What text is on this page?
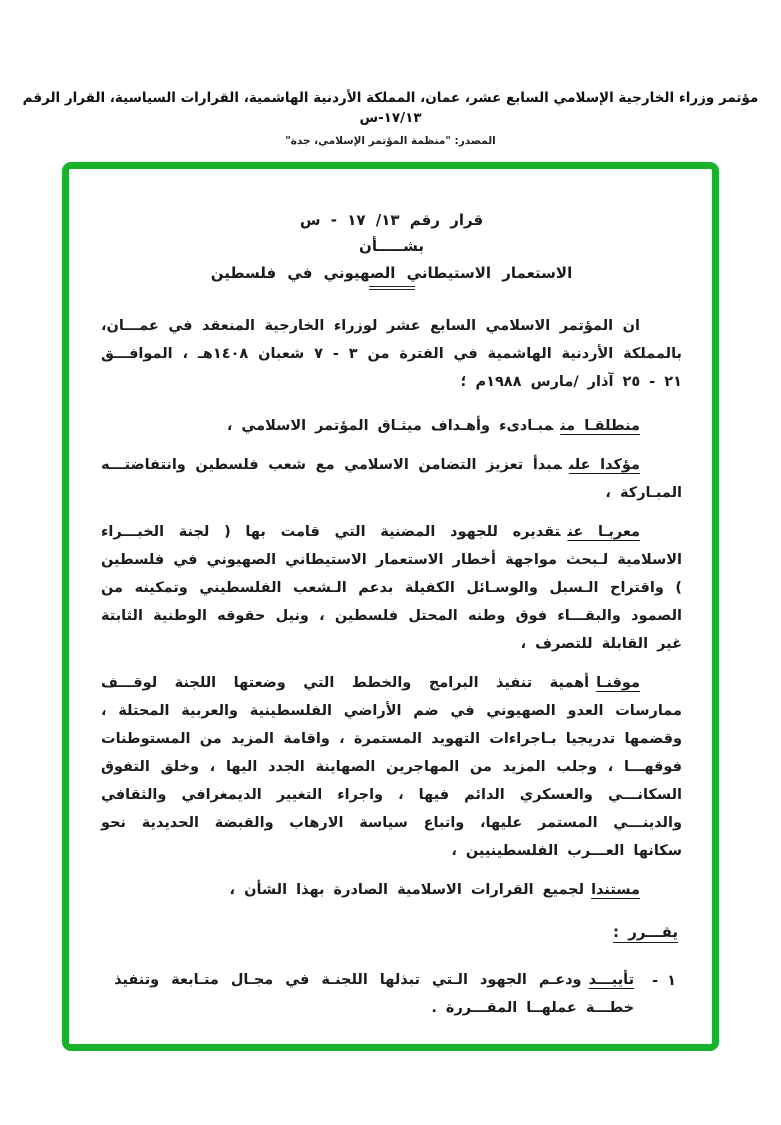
مؤتمر وزراء الخارجية الإسلامي السابع عشر، عمان، المملكة الأردنية الهاشمية، القرارات السياسية، القرار الرقم ١٧/١٣-س
المصدر: "منظمة المؤتمر الإسلامي، جدة"
قرار رقم ١٣/ ١٧ - س
بشـــــأن
الاستعمار الاستيطاني الصهيوني في فلسطين

ان المؤتمر الاسلامي السابع عشر لوزراء الخارجية المنعقد في عمـــان، بالمملكة الأردنية الهاشمية في الفترة من ٣ - ٧ شعبان ١٤٠٨هـ ، الموافـــق ٢١ - ٢٥ آذار /مارس ١٩٨٨م ؛

منطلقـا منمبـادىء وأهـداف ميثـاق المؤتمر الاسلامي ،

مؤكدا علىمبدأ تعزيز التضامن الاسلامي مع شعب فلسطين وانتفاضتـــه المبـاركة ،

معربـا عنتقديره للجهود المضنية التي قامت بها ( لجنة الخبـــراء الاسلامية لـبحث مواجهة أخطار الاستعمار الاستيطاني الصهيوني في فلسطين ) واقتراح الـسبل والوسـائل الكفيلة بدعم الـشعب الفلسطيني وتمكينه من الصمود والبقـــاء فوق وطنه المحتل فلسطين ، ونيل حقوقه الوطنية الثابتة غير القابلة للتصرف ،

موقنـاأهمية تنفيذ البرامج والخطط التي وضعتها اللجنة لوقـــف ممارسات العدو الصهيوني في ضم الأراضي الفلسطينية والعربية المحتلة ، وقضمها تدريجيا بـاجراءات التهويد المستمرة ، واقامة المزيد من المستوطنات فوقهـــا ، وجلب المزيد من المهاجرين الصهاينة الجدد اليها ، وخلق التفوق السكانـــي والعسكري الدائم فيها ، واجراء التغيير الديمغرافي والثقافي والدينـــي المستمر عليها، واتباع سياسة الارهاب والقبضة الحديدية نحو سكانها العـــرب الفلسطينيين ،

مستندالجميع القرارات الاسلامية الصادرة بهذا الشأن ،

يقـــرر :

١ -

تأييـــدودعـم الجهود الـتي تبذلها اللجنـة في مجـال متـابعة وتنفيذ خطـــة عملهــا المقـــررة .
